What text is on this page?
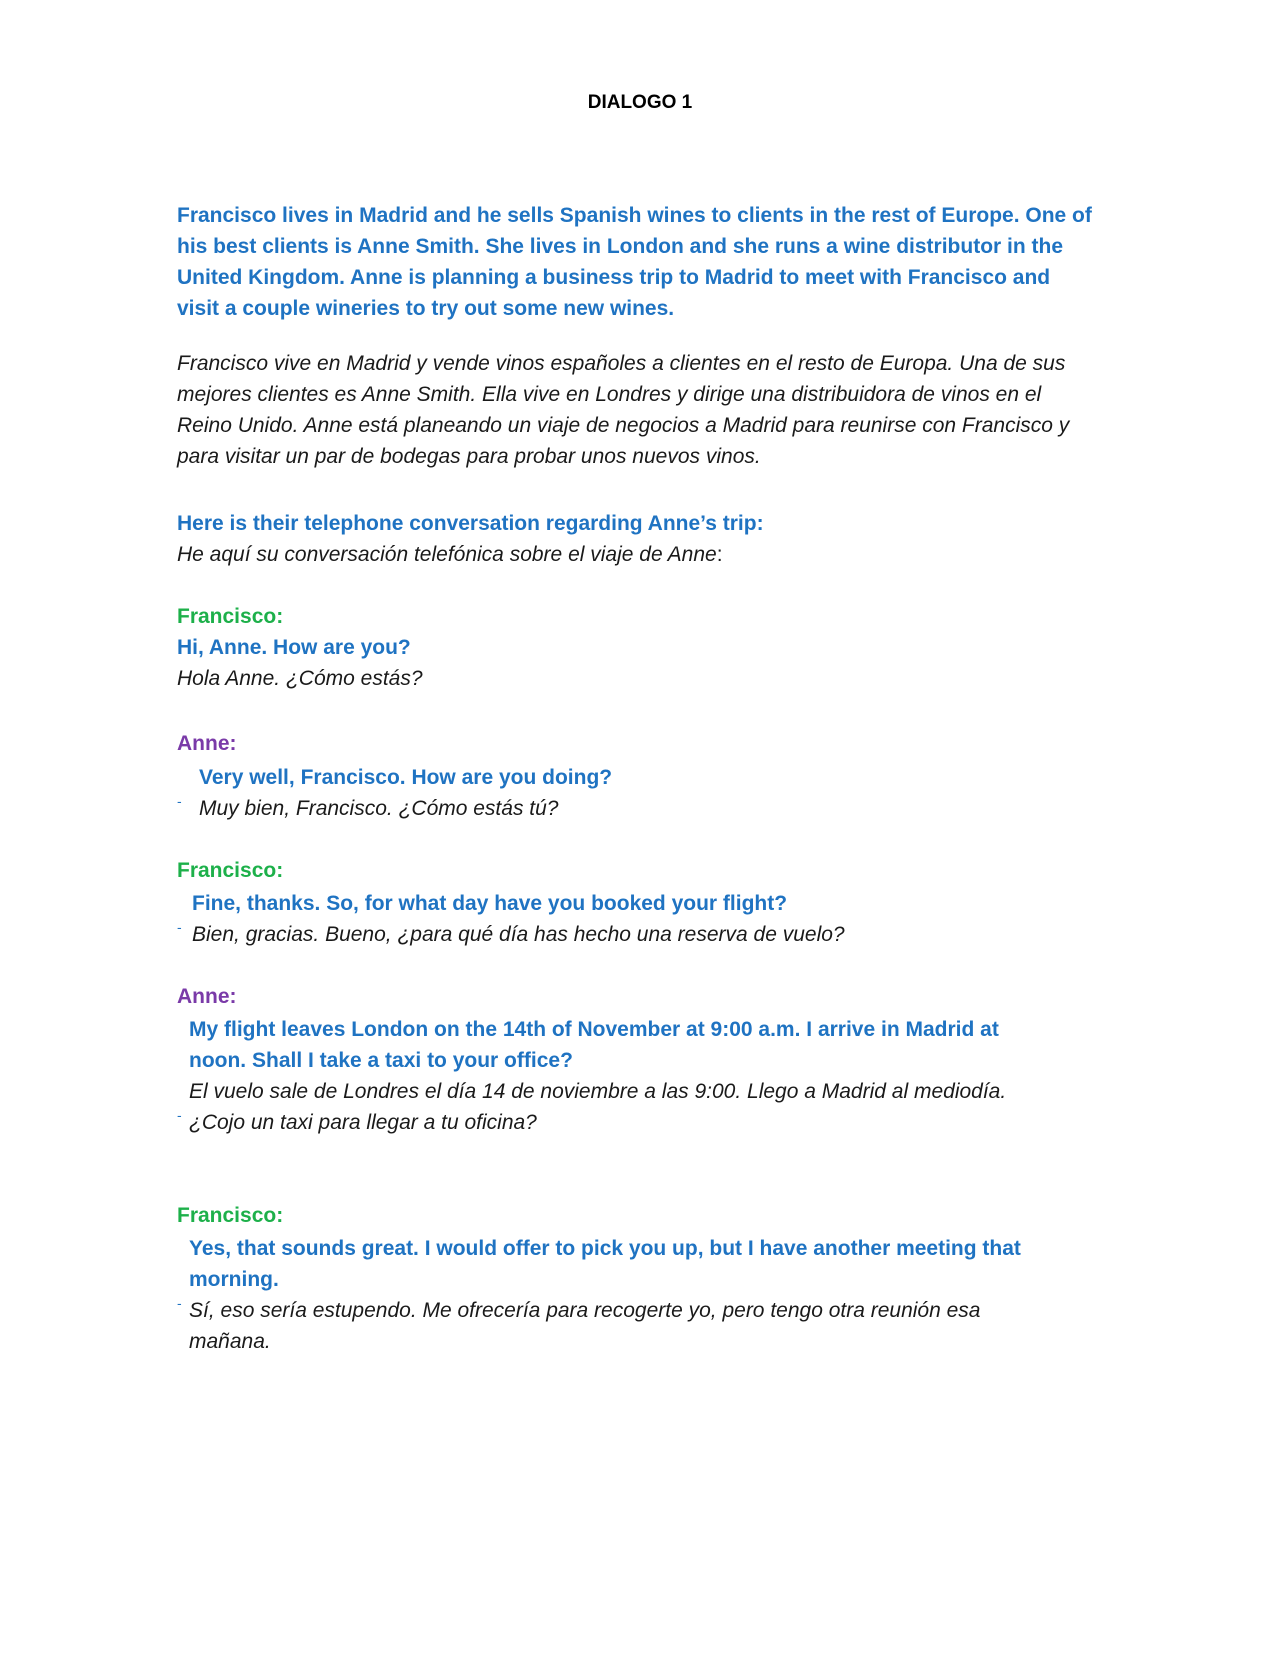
DIALOGO 1

Francisco lives in Madrid and he sells Spanish wines to clients in the rest of Europe. One of his best clients is Anne Smith. She lives in London and she runs a wine distributor in the United Kingdom. Anne is planning a business trip to Madrid to meet with Francisco and visit a couple wineries to try out some new wines.

Francisco vive en Madrid y vende vinos españoles a clientes en el resto de Europa. Una de sus mejores clientes es Anne Smith. Ella vive en Londres y dirige una distribuidora de vinos en el Reino Unido. Anne está planeando un viaje de negocios a Madrid para reunirse con Francisco y para visitar un par de bodegas para probar unos nuevos vinos.

Here is their telephone conversation regarding Anne’s trip:

He aquí su conversación telefónica sobre el viaje de Anne:

Francisco:

Hi, Anne. How are you?

Hola Anne. ¿Cómo estás?

Anne:

Very well, Francisco. How are you doing?

- Muy bien, Francisco. ¿Cómo estás tú?

Francisco:

Fine, thanks. So, for what day have you booked your flight?

- Bien, gracias. Bueno, ¿para qué día has hecho una reserva de vuelo?

Anne:

My flight leaves London on the 14th of November at 9:00 a.m. I arrive in Madrid at noon. Shall I take a taxi to your office?

El vuelo sale de Londres el día 14 de noviembre a las 9:00. Llego a Madrid al mediodía.

- ¿Cojo un taxi para llegar a tu oficina?

Francisco:

Yes, that sounds great. I would offer to pick you up, but I have another meeting that morning.

- Sí, eso sería estupendo. Me ofrecería para recogerte yo, pero tengo otra reunión esa mañana.
